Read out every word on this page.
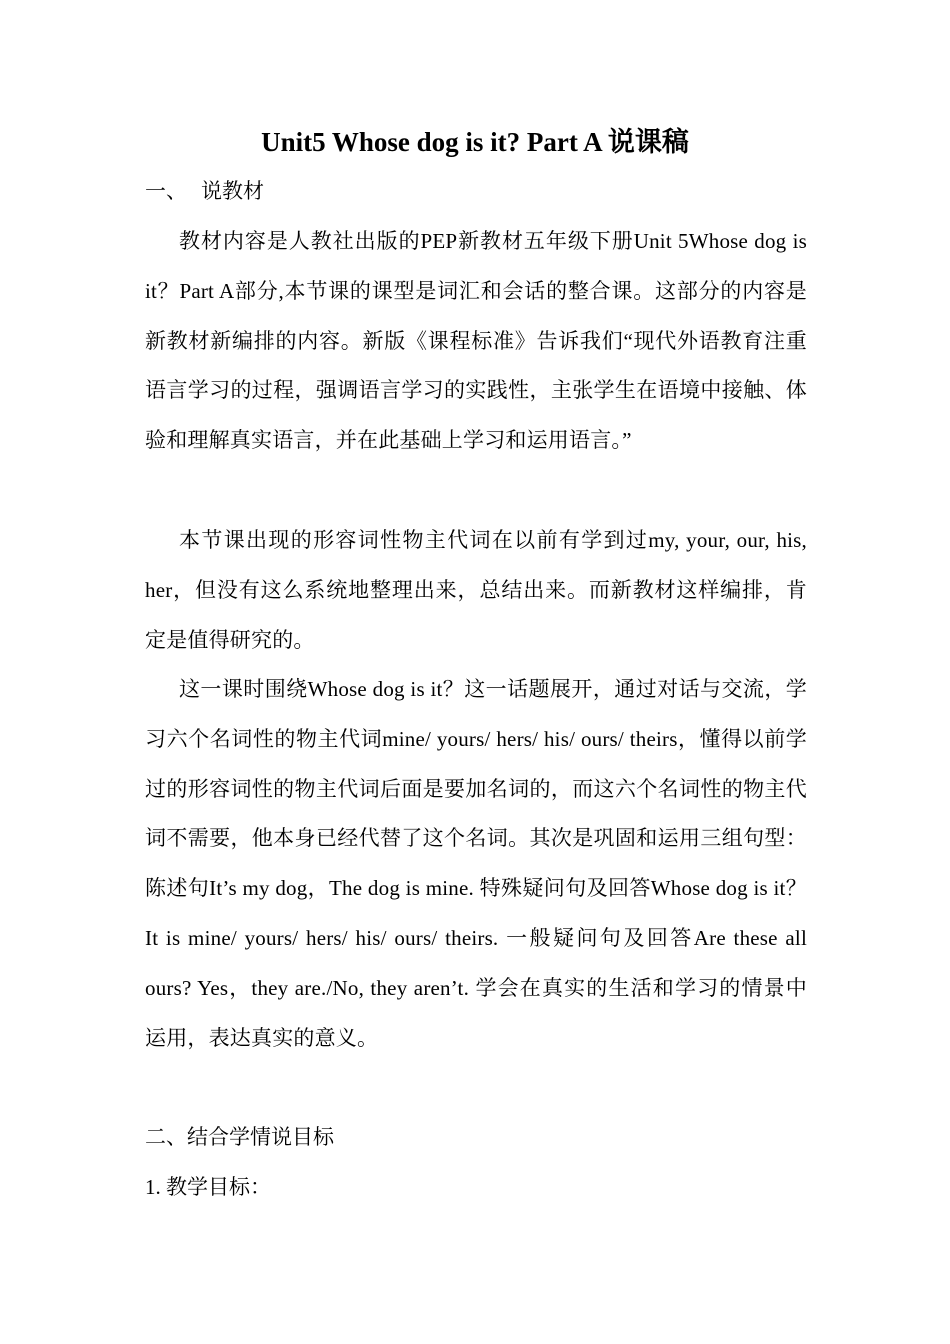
Unit5 Whose dog is it? Part A 说课稿
一、 说教材
教材内容是人教社出版的PEP新教材五年级下册Unit 5Whose dog is it？Part A部分,本节课的课型是词汇和会话的整合课。这部分的内容是新教材新编排的内容。新版《课程标准》告诉我们“现代外语教育注重语言学习的过程，强调语言学习的实践性，主张学生在语境中接触、体验和理解真实语言，并在此基础上学习和运用语言。”
本节课出现的形容词性物主代词在以前有学到过my, your, our, his, her，但没有这么系统地整理出来，总结出来。而新教材这样编排，肯定是值得研究的。
这一课时围绕Whose dog is it？这一话题展开，通过对话与交流，学习六个名词性的物主代词mine/ yours/ hers/ his/ ours/ theirs，懂得以前学过的形容词性的物主代词后面是要加名词的，而这六个名词性的物主代词不需要，他本身已经代替了这个名词。其次是巩固和运用三组句型：陈述句It’s my dog，The dog is mine. 特殊疑问句及回答Whose dog is it？It is mine/ yours/ hers/ his/ ours/ theirs. 一般疑问句及回答Are these all ours? Yes，they are./No, they aren’t. 学会在真实的生活和学习的情景中运用，表达真实的意义。
二、结合学情说目标
1. 教学目标：
